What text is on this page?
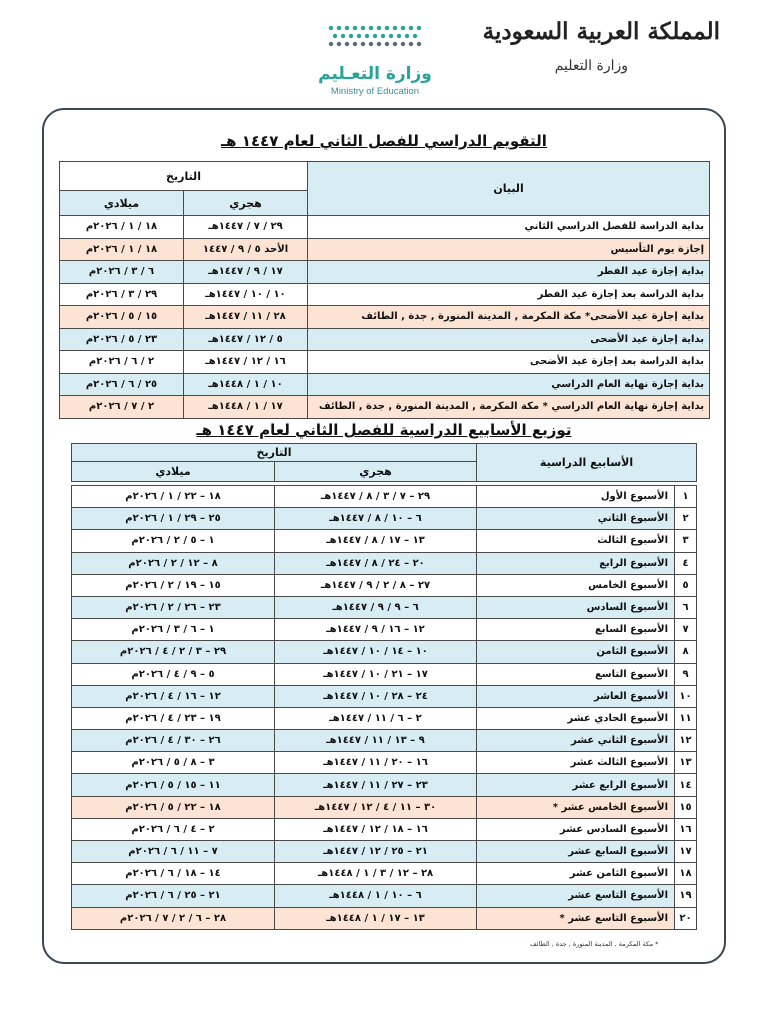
وزارة التعـليم
Ministry of Education
المملكة العربية السعودية
وزارة التعليم
التقويم الدراسي للفصل الثاني لعام ١٤٤٧ هـ
البيان	التاريخ	
	هجري	ميلادي
بداية الدراسة للفصل الدراسي الثاني	٢٩ / ٧ / ١٤٤٧هـ	١٨ / ١ / ٢٠٢٦م
إجازة يوم التأسيس	الأحد ٥ / ٩ / ١٤٤٧	١٨ / ١ / ٢٠٢٦م
بداية إجازة عيد الفطر	١٧ / ٩ / ١٤٤٧هـ	٦ / ٣ / ٢٠٢٦م
بداية الدراسة بعد إجازة عيد الفطر	١٠ / ١٠ / ١٤٤٧هـ	٢٩ / ٣ / ٢٠٢٦م
بداية إجازة عيد الأضحى* مكة المكرمة , المدينة المنورة , جدة , الطائف	٢٨ / ١١ / ١٤٤٧هـ	١٥ / ٥ / ٢٠٢٦م
بداية إجازة عيد الأضحى	٥ / ١٢ / ١٤٤٧هـ	٢٣ / ٥ / ٢٠٢٦م
بداية الدراسة بعد إجازة عيد الأضحى	١٦ / ١٢ / ١٤٤٧هـ	٢ / ٦ / ٢٠٢٦م
بداية إجازة نهاية العام الدراسي	١٠ / ١ / ١٤٤٨هـ	٢٥ / ٦ / ٢٠٢٦م
بداية إجازة نهاية العام الدراسي * مكة المكرمة , المدينة المنورة , جدة , الطائف	١٧ / ١ / ١٤٤٨هـ	٢ / ٧ / ٢٠٢٦م
توزيع الأسابيع الدراسية للفصل الثاني لعام ١٤٤٧ هـ
الأسابيع الدراسية		التاريخ	
		هجري	ميلادي

١	الأسبوع الأول	٢٩ – ٧ / ٣ / ٨ / ١٤٤٧هـ	١٨ – ٢٢ / ١ / ٢٠٢٦م
٢	الأسبوع الثاني	٦ – ١٠ / ٨ / ١٤٤٧هـ	٢٥ – ٢٩ / ١ / ٢٠٢٦م
٣	الأسبوع الثالث	١٣ – ١٧ / ٨ / ١٤٤٧هـ	١ – ٥ / ٢ / ٢٠٢٦م
٤	الأسبوع الرابع	٢٠ – ٢٤ / ٨ / ١٤٤٧هـ	٨ – ١٢ / ٢ / ٢٠٢٦م
٥	الأسبوع الخامس	٢٧ – ٨ / ٢ / ٩ / ١٤٤٧هـ	١٥ – ١٩ / ٢ / ٢٠٢٦م
٦	الأسبوع السادس	٦ – ٩ / ٩ / ١٤٤٧هـ	٢٣ – ٢٦ / ٢ / ٢٠٢٦م
٧	الأسبوع السابع	١٢ – ١٦ / ٩ / ١٤٤٧هـ	١ – ٦ / ٣ / ٢٠٢٦م
٨	الأسبوع الثامن	١٠ – ١٤ / ١٠ / ١٤٤٧هـ	٢٩ – ٣ / ٢ / ٤ / ٢٠٢٦م
٩	الأسبوع التاسع	١٧ – ٢١ / ١٠ / ١٤٤٧هـ	٥ – ٩ / ٤ / ٢٠٢٦م
١٠	الأسبوع العاشر	٢٤ – ٢٨ / ١٠ / ١٤٤٧هـ	١٢ – ١٦ / ٤ / ٢٠٢٦م
١١	الأسبوع الحادي عشر	٢ – ٦ / ١١ / ١٤٤٧هـ	١٩ – ٢٣ / ٤ / ٢٠٢٦م
١٢	الأسبوع الثاني عشر	٩ – ١٣ / ١١ / ١٤٤٧هـ	٢٦ – ٣٠ / ٤ / ٢٠٢٦م
١٣	الأسبوع الثالث عشر	١٦ – ٢٠ / ١١ / ١٤٤٧هـ	٣ – ٨ / ٥ / ٢٠٢٦م
١٤	الأسبوع الرابع عشر	٢٣ – ٢٧ / ١١ / ١٤٤٧هـ	١١ – ١٥ / ٥ / ٢٠٢٦م
١٥	الأسبوع الخامس عشر *	٣٠ – ١١ / ٤ / ١٢ / ١٤٤٧هـ	١٨ – ٢٢ / ٥ / ٢٠٢٦م
١٦	الأسبوع السادس عشر	١٦ – ١٨ / ١٢ / ١٤٤٧هـ	٢ – ٤ / ٦ / ٢٠٢٦م
١٧	الأسبوع السابع عشر	٢١ – ٢٥ / ١٢ / ١٤٤٧هـ	٧ – ١١ / ٦ / ٢٠٢٦م
١٨	الأسبوع الثامن عشر	٢٨ – ١٢ / ٣ / ١ / ١٤٤٨هـ	١٤ – ١٨ / ٦ / ٢٠٢٦م
١٩	الأسبوع التاسع عشر	٦ – ١٠ / ١ / ١٤٤٨هـ	٢١ – ٢٥ / ٦ / ٢٠٢٦م
٢٠	الأسبوع التاسع عشر *	١٣ – ١٧ / ١ / ١٤٤٨هـ	٢٨ – ٦ / ٢ / ٧ / ٢٠٢٦م
* مكة المكرمة , المدينة المنورة , جدة , الطائف
